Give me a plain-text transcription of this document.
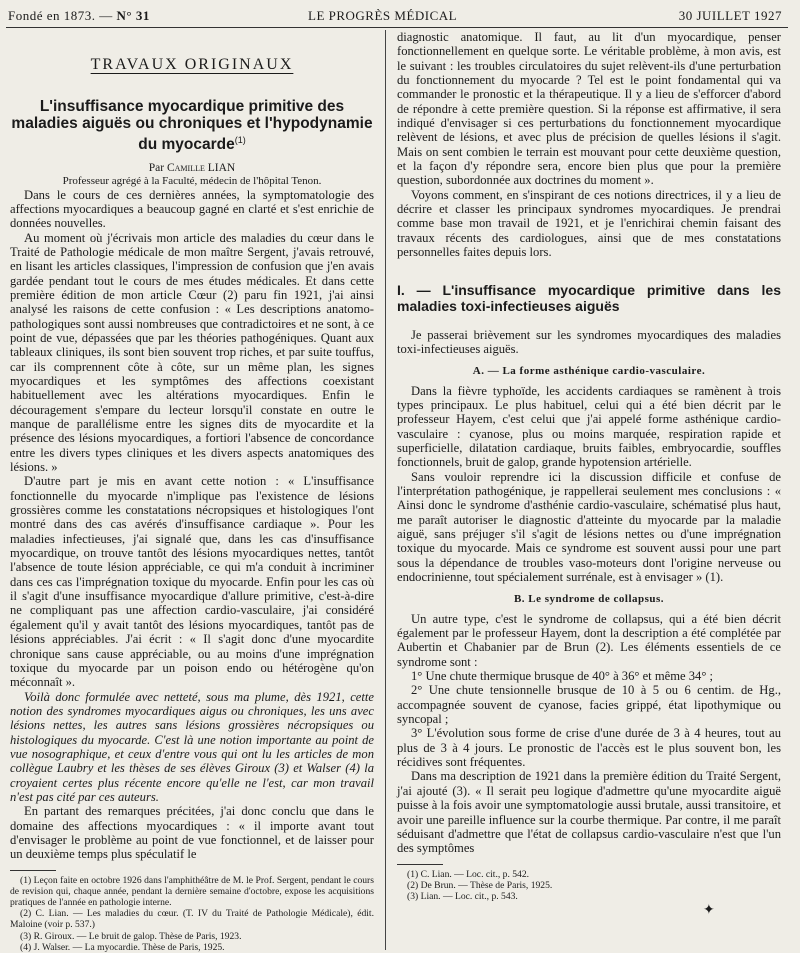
Fondé en 1873. — N° 31	LE PROGRÈS MÉDICAL	30 JUILLET 1927
TRAVAUX ORIGINAUX
L'insuffisance myocardique primitive des maladies aiguës ou chroniques et l'hypodynamie du myocarde$^{(1)}$

Par Camille LIAN

Professeur agrégé à la Faculté, médecin de l'hôpital Tenon.

Dans le cours de ces dernières années, la symptomatologie des affections myocardiques a beaucoup gagné en clarté et s'est enrichie de données nouvelles.

Au moment où j'écrivais mon article des maladies du cœur dans le Traité de Pathologie médicale de mon maître Sergent, j'avais retrouvé, en lisant les articles classiques, l'impression de confusion que j'en avais gardée pendant tout le cours de mes études médicales. Et dans cette première édition de mon article Cœur (2) paru fin 1921, j'ai ainsi analysé les raisons de cette confusion : « Les descriptions anatomo-pathologiques sont aussi nombreuses que contradictoires et ne sont, à ce point de vue, dépassées que par les théories pathogéniques. Quant aux tableaux cliniques, ils sont bien souvent trop riches, et par suite touffus, car ils comprennent côte à côte, sur un même plan, les signes myocardiques et les symptômes des affections coexistant habituellement avec les altérations myocardiques. Enfin le découragement s'empare du lecteur lorsqu'il constate en outre le manque de parallélisme entre les signes dits de myocardite et la présence des lésions myocardiques, a fortiori l'absence de concordance entre les divers types cliniques et les divers aspects anatomiques des lésions. »

D'autre part je mis en avant cette notion : « L'insuffisance fonctionnelle du myocarde n'implique pas l'existence de lésions grossières comme les constatations nécropsiques et histologiques l'ont montré dans des cas avérés d'insuffisance cardiaque ». Pour les maladies infectieuses, j'ai signalé que, dans les cas d'insuffisance myocardique, on trouve tantôt des lésions myocardiques nettes, tantôt l'absence de toute lésion appréciable, ce qui m'a conduit à incriminer dans ces cas l'imprégnation toxique du myocarde. Enfin pour les cas où il s'agit d'une insuffisance myocardique d'allure primitive, c'est-à-dire ne compliquant pas une affection cardio-vasculaire, j'ai considéré également qu'il y avait tantôt des lésions myocardiques, tantôt pas de lésions appréciables. J'ai écrit : « Il s'agit donc d'une myocardite chronique sans cause appréciable, ou au moins d'une imprégnation toxique du myocarde par un poison endo ou hétérogène qu'on méconnaît ».

Voilà donc formulée avec netteté, sous ma plume, dès 1921, cette notion des syndromes myocardiques aigus ou chroniques, les uns avec lésions nettes, les autres sans lésions grossières nécropsiques ou histologiques du myocarde. C'est là une notion importante au point de vue nosographique, et ceux d'entre vous qui ont lu les articles de mon collègue Laubry et les thèses de ses élèves Giroux (3) et Walser (4) la croyaient certes plus récente encore qu'elle ne l'est, car mon travail n'est pas cité par ces auteurs.

En partant des remarques précitées, j'ai donc conclu que dans le domaine des affections myocardiques : « il importe avant tout d'envisager le problème au point de vue fonctionnel, et de laisser pour un deuxième temps plus spéculatif le

(1) Leçon faite en octobre 1926 dans l'amphithéâtre de M. le Prof. Sergent, pendant le cours de revision qui, chaque année, pendant la dernière semaine d'octobre, expose les acquisitions pratiques de l'année en pathologie interne.
(2) C. Lian. — Les maladies du cœur. (T. IV du Traité de Pathologie Médicale), édit. Maloine (voir p. 537.)
(3) R. Giroux. — Le bruit de galop. Thèse de Paris, 1923.
(4) J. Walser. — La myocardie. Thèse de Paris, 1925.

diagnostic anatomique. Il faut, au lit d'un myocardique, penser fonctionnellement en quelque sorte. Le véritable problème, à mon avis, est le suivant : les troubles circulatoires du sujet relèvent-ils d'une perturbation du fonctionnement du myocarde ? Tel est le point fondamental qui va commander le pronostic et la thérapeutique. Il y a lieu de s'efforcer d'abord de répondre à cette première question. Si la réponse est affirmative, il sera indiqué d'envisager si ces perturbations du fonctionnement myocardique relèvent de lésions, et avec plus de précision de quelles lésions il s'agit. Mais on sent combien le terrain est mouvant pour cette deuxième question, et la façon d'y répondre sera, encore bien plus que pour la première question, subordonnée aux doctrines du moment ».

Voyons comment, en s'inspirant de ces notions directrices, il y a lieu de décrire et classer les principaux syndromes myocardiques. Je prendrai comme base mon travail de 1921, et je l'enrichirai chemin faisant des travaux récents des cardiologues, ainsi que de mes constatations personnelles faites depuis lors.

I. — L'insuffisance myocardique primitive dans les maladies toxi-infectieuses aiguës

Je passerai brièvement sur les syndromes myocardiques des maladies toxi-infectieuses aiguës.

A. — La forme asthénique cardio-vasculaire.

Dans la fièvre typhoïde, les accidents cardiaques se ramènent à trois types principaux. Le plus habituel, celui qui a été bien décrit par le professeur Hayem, c'est celui que j'ai appelé forme asthénique cardio-vasculaire : cyanose, plus ou moins marquée, respiration rapide et superficielle, dilatation cardiaque, bruits faibles, embryocardie, souffles fonctionnels, bruit de galop, grande hypotension artérielle.

Sans vouloir reprendre ici la discussion difficile et confuse de l'interprétation pathogénique, je rappellerai seulement mes conclusions : « Ainsi donc le syndrome d'asthénie cardio-vasculaire, schématisé plus haut, me paraît autoriser le diagnostic d'atteinte du myocarde par la maladie aiguë, sans préjuger s'il s'agit de lésions nettes ou d'une imprégnation toxique du myocarde. Mais ce syndrome est souvent aussi pour une part sous la dépendance de troubles vaso-moteurs dont l'origine nerveuse ou endocrinienne, tout spécialement surrénale, est à envisager » (1).

B. Le syndrome de collapsus.

Un autre type, c'est le syndrome de collapsus, qui a été bien décrit également par le professeur Hayem, dont la description a été complétée par Aubertin et Chabanier par de Brun (2). Les éléments essentiels de ce syndrome sont :

1° Une chute thermique brusque de 40° à 36° et même 34° ;

2° Une chute tensionnelle brusque de 10 à 5 ou 6 centim. de Hg., accompagnée souvent de cyanose, facies grippé, état lipothymique ou syncopal ;

3° L'évolution sous forme de crise d'une durée de 3 à 4 heures, tout au plus de 3 à 4 jours. Le pronostic de l'accès est le plus souvent bon, les récidives sont fréquentes.

Dans ma description de 1921 dans la première édition du Traité Sergent, j'ai ajouté (3). « Il serait peu logique d'admettre qu'une myocardite aiguë puisse à la fois avoir une symptomatologie aussi brutale, aussi transitoire, et avoir une pareille influence sur la courbe thermique. Par contre, il me paraît séduisant d'admettre que l'état de collapsus cardio-vasculaire n'est que l'un des symptômes

(1) C. Lian. — Loc. cit., p. 542.
(2) De Brun. — Thèse de Paris, 1925.
(3) Lian. — Loc. cit., p. 543.
✦
